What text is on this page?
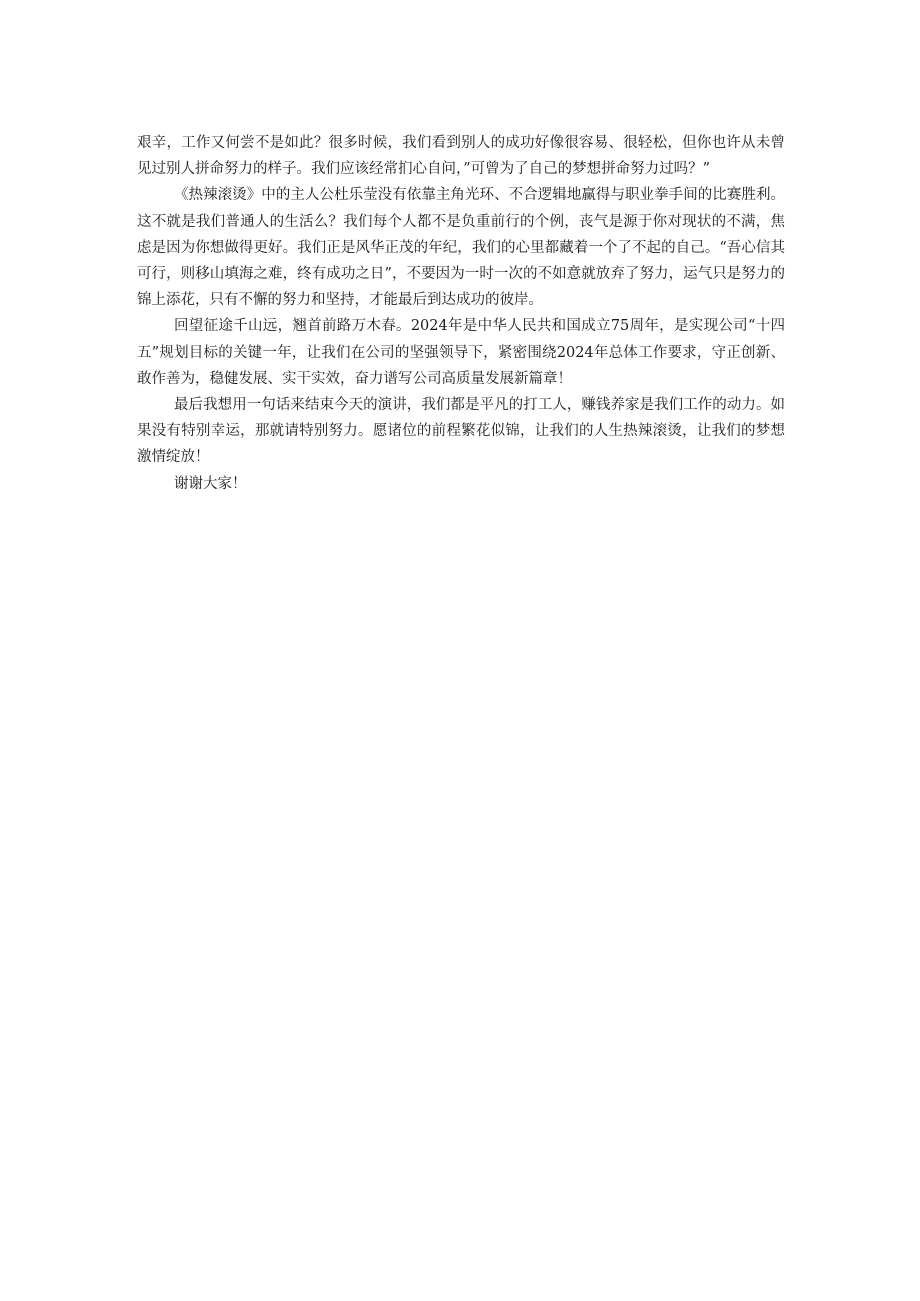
艰辛，工作又何尝不是如此？很多时候，我们看到别人的成功好像很容易、很轻松，但你也许从未曾见过别人拼命努力的样子。我们应该经常扪心自问，”可曾为了自己的梦想拼命努力过吗？”

《热辣滚烫》中的主人公杜乐莹没有依靠主角光环、不合逻辑地赢得与职业拳手间的比赛胜利。这不就是我们普通人的生活么？我们每个人都不是负重前行的个例，丧气是源于你对现状的不满，焦虑是因为你想做得更好。我们正是风华正茂的年纪，我们的心里都藏着一个了不起的自己。“吾心信其可行，则移山填海之难，终有成功之日”，不要因为一时一次的不如意就放弃了努力，运气只是努力的锦上添花，只有不懈的努力和坚持，才能最后到达成功的彼岸。

回望征途千山远，翘首前路万木春。2024年是中华人民共和国成立75周年，是实现公司“十四五”规划目标的关键一年，让我们在公司的坚强领导下，紧密围绕2024年总体工作要求，守正创新、敢作善为，稳健发展、实干实效，奋力谱写公司高质量发展新篇章！

最后我想用一句话来结束今天的演讲，我们都是平凡的打工人，赚钱养家是我们工作的动力。如果没有特别幸运，那就请特别努力。愿诸位的前程繁花似锦，让我们的人生热辣滚烫，让我们的梦想激情绽放！

谢谢大家！
